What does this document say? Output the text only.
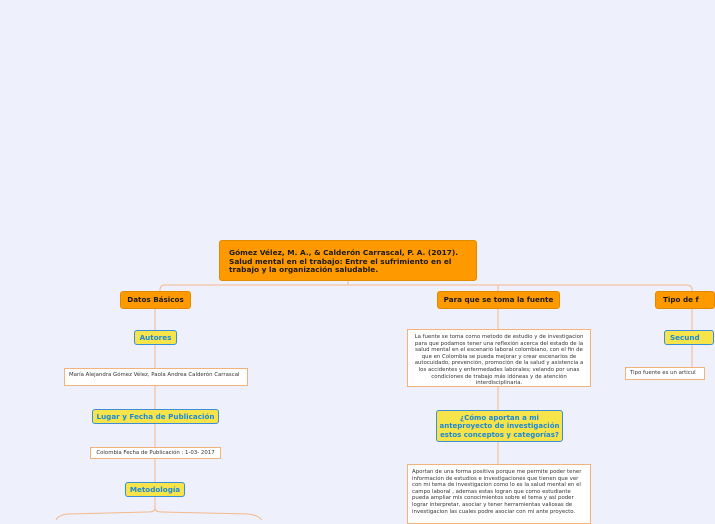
Gómez Vélez, M. A., & Calderón Carrascal, P. A. (2017). Salud mental en el trabajo: Entre el sufrimiento en el trabajo y la organización saludable.
Datos Básicos	Para que se toma la fuente	Tipo de f
Autores
María Alejandra Gómez Vélez, Paola Andrea Calderón Carrascal
Lugar y Fecha de Publicación
Colombia Fecha de Publicación : 1-03- 2017
Metodología
La fuente se toma como metodo de estudio y de investigacion para que podamos tener una reflexión acerca del estado de la salud mental en el escenario laboral colombiano, con el fin de que en Colombia se pueda mejorar y crear escenarios de autocuidado, prevención, promoción de la salud y asistencia a los accidentes y enfermedades laborales; velando por unas condiciones de trabajo más idóneas y de atención interdisciplinaria.
¿Cómo aportan a mi anteproyecto de investigación estos conceptos y categorías?
Aportan de una forma positiva porque me permite poder tener informacion de estudios e investigaciones que tienen que ver con mi tema de investigacion como lo es la salud mental en el campo laboral , ademas estas logran que como estudiante pueda ampliar mis conocimientos sobre el tema y asi poder lograr interpretar, asociar y tener herramientas valiosas de investigacion las cuales podre asociar con mi ante proyecto.
Secund
Tipo fuente es un articul
